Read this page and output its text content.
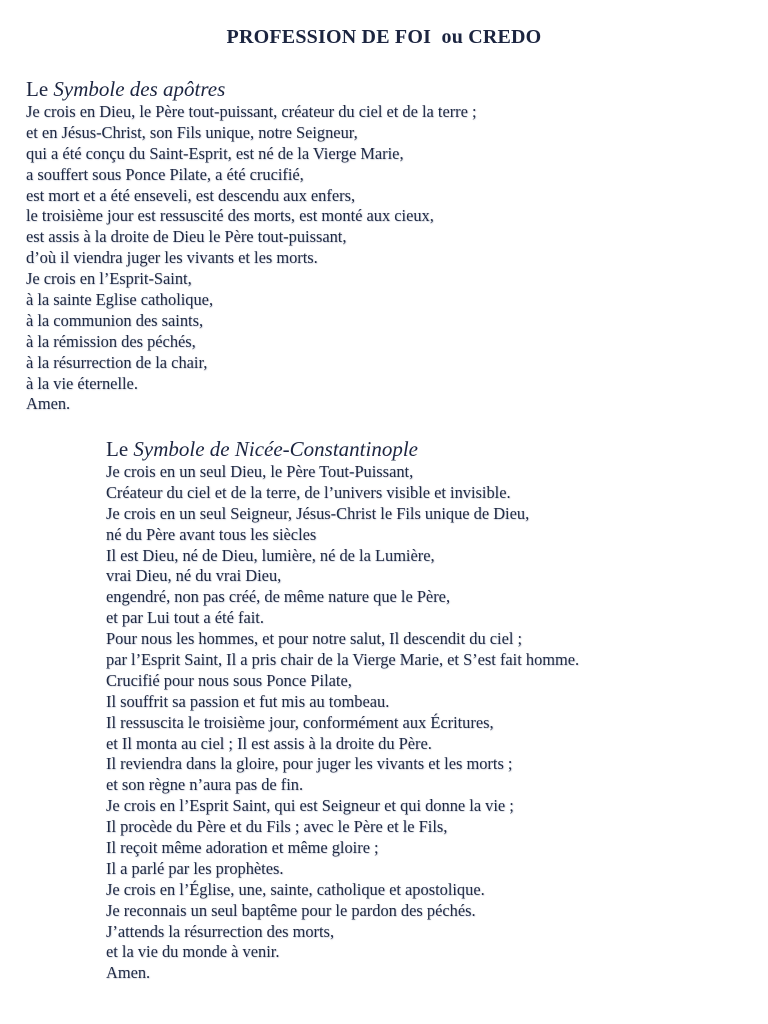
PROFESSION DE FOI  ou CREDO
Le Symbole des apôtres
Je crois en Dieu, le Père tout-puissant, créateur du ciel et de la terre ;
et en Jésus-Christ, son Fils unique, notre Seigneur,
qui a été conçu du Saint-Esprit, est né de la Vierge Marie,
a souffert sous Ponce Pilate, a été crucifié,
est mort et a été enseveli, est descendu aux enfers,
le troisième jour est ressuscité des morts, est monté aux cieux,
est assis à la droite de Dieu le Père tout-puissant,
d’où il viendra juger les vivants et les morts.
Je crois en l’Esprit-Saint,
à la sainte Eglise catholique,
à la communion des saints,
à la rémission des péchés,
à la résurrection de la chair,
à la vie éternelle.
Amen.
Le Symbole de Nicée-Constantinople
Je crois en un seul Dieu, le Père Tout-Puissant,
Créateur du ciel et de la terre, de l’univers visible et invisible.
Je crois en un seul Seigneur, Jésus-Christ le Fils unique de Dieu,
né du Père avant tous les siècles
Il est Dieu, né de Dieu, lumière, né de la Lumière,
vrai Dieu, né du vrai Dieu,
engendré, non pas créé, de même nature que le Père,
et par Lui tout a été fait.
Pour nous les hommes, et pour notre salut, Il descendit du ciel ;
par l’Esprit Saint, Il a pris chair de la Vierge Marie, et S’est fait homme.
Crucifié pour nous sous Ponce Pilate,
Il souffrit sa passion et fut mis au tombeau.
Il ressuscita le troisième jour, conformément aux Écritures,
et Il monta au ciel ; Il est assis à la droite du Père.
Il reviendra dans la gloire, pour juger les vivants et les morts ;
et son règne n’aura pas de fin.
Je crois en l’Esprit Saint, qui est Seigneur et qui donne la vie ;
Il procède du Père et du Fils ; avec le Père et le Fils,
Il reçoit même adoration et même gloire ;
Il a parlé par les prophètes.
Je crois en l’Église, une, sainte, catholique et apostolique.
Je reconnais un seul baptême pour le pardon des péchés.
J’attends la résurrection des morts,
et la vie du monde à venir.
Amen.
